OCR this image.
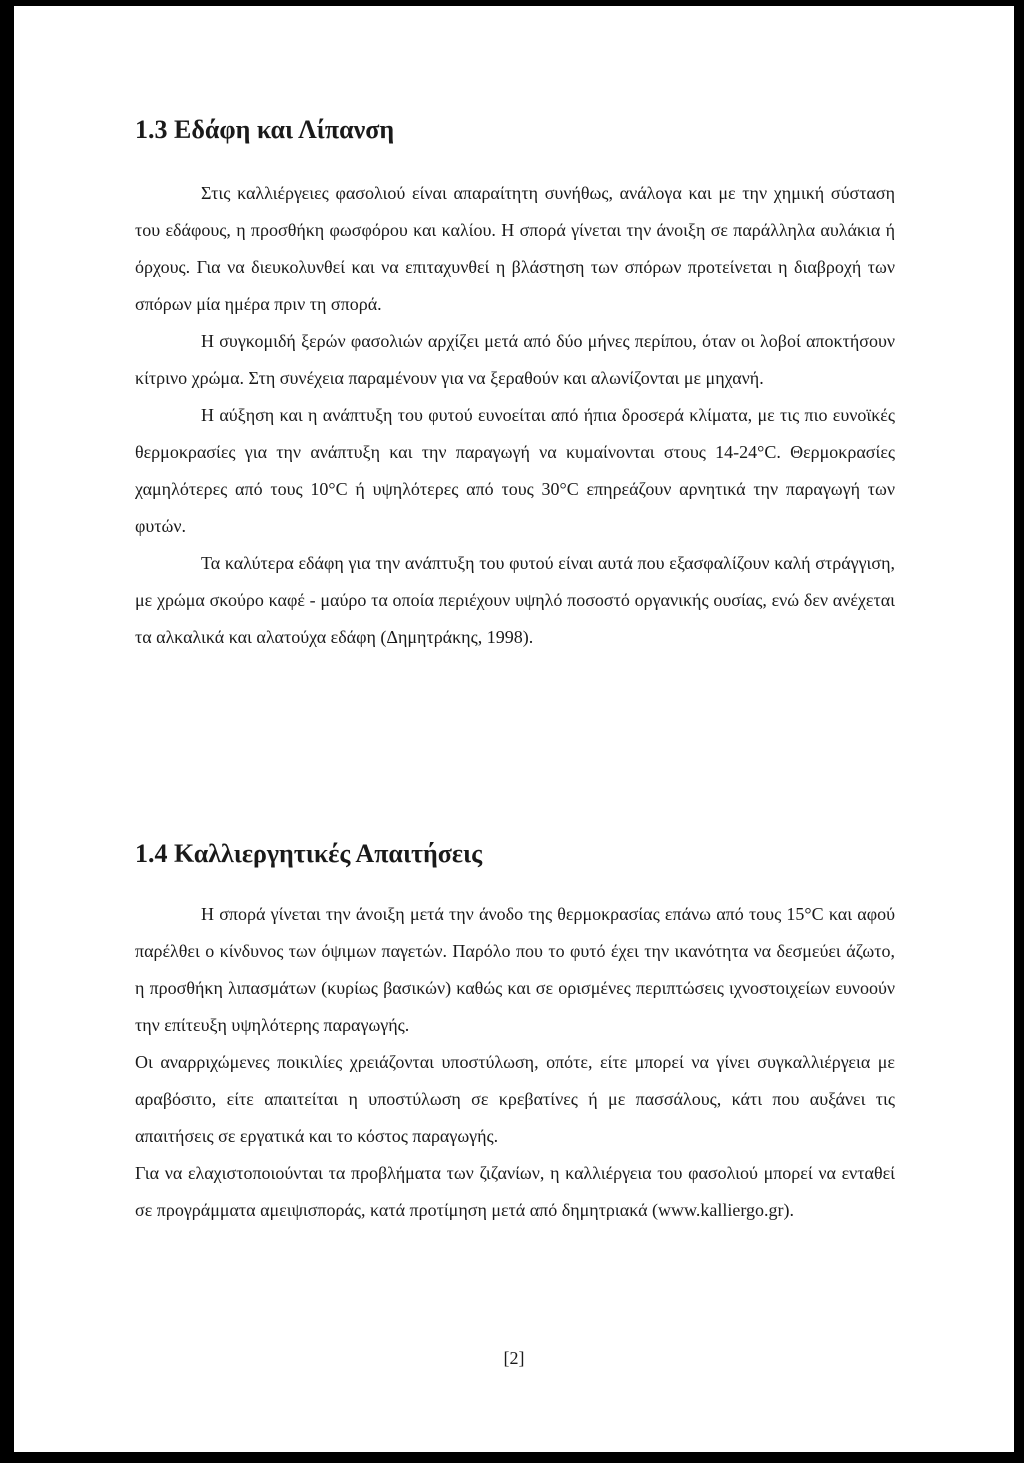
1.3 Εδάφη και Λίπανση

Στις καλλιέργειες φασολιού είναι απαραίτητη συνήθως, ανάλογα και με την χημική σύσταση του εδάφους, η προσθήκη φωσφόρου και καλίου. Η σπορά γίνεται την άνοιξη σε παράλληλα αυλάκια ή όρχους. Για να διευκολυνθεί και να επιταχυνθεί η βλάστηση των σπόρων προτείνεται η διαβροχή των σπόρων μία ημέρα πριν τη σπορά.

Η συγκομιδή ξερών φασολιών αρχίζει μετά από δύο μήνες περίπου, όταν οι λοβοί αποκτήσουν κίτρινο χρώμα. Στη συνέχεια παραμένουν για να ξεραθούν και αλωνίζονται με μηχανή.

Η αύξηση και η ανάπτυξη του φυτού ευνοείται από ήπια δροσερά κλίματα, με τις πιο ευνοϊκές θερμοκρασίες για την ανάπτυξη και την παραγωγή να κυμαίνονται στους 14-24°C. Θερμοκρασίες χαμηλότερες από τους 10°C ή υψηλότερες από τους 30°C επηρεάζουν αρνητικά την παραγωγή των φυτών.

Τα καλύτερα εδάφη για την ανάπτυξη του φυτού είναι αυτά που εξασφαλίζουν καλή στράγγιση, με χρώμα σκούρο καφέ - μαύρο τα οποία περιέχουν υψηλό ποσοστό οργανικής ουσίας, ενώ δεν ανέχεται τα αλκαλικά και αλατούχα εδάφη (Δημητράκης, 1998).

1.4 Καλλιεργητικές Απαιτήσεις

Η σπορά γίνεται την άνοιξη μετά την άνοδο της θερμοκρασίας επάνω από τους 15°C και αφού παρέλθει ο κίνδυνος των όψιμων παγετών. Παρόλο που το φυτό έχει την ικανότητα να δεσμεύει άζωτο, η προσθήκη λιπασμάτων (κυρίως βασικών) καθώς και σε ορισμένες περιπτώσεις ιχνοστοιχείων ευνοούν την επίτευξη υψηλότερης παραγωγής.

Οι αναρριχώμενες ποικιλίες χρειάζονται υποστύλωση, οπότε, είτε μπορεί να γίνει συγκαλλιέργεια με αραβόσιτο, είτε απαιτείται η υποστύλωση σε κρεβατίνες ή με πασσάλους, κάτι που αυξάνει τις απαιτήσεις σε εργατικά και το κόστος παραγωγής.

Για να ελαχιστοποιούνται τα προβλήματα των ζιζανίων, η καλλιέργεια του φασολιού μπορεί να ενταθεί σε προγράμματα αμειψισποράς, κατά προτίμηση μετά από δημητριακά (www.kalliergo.gr).

[2]
